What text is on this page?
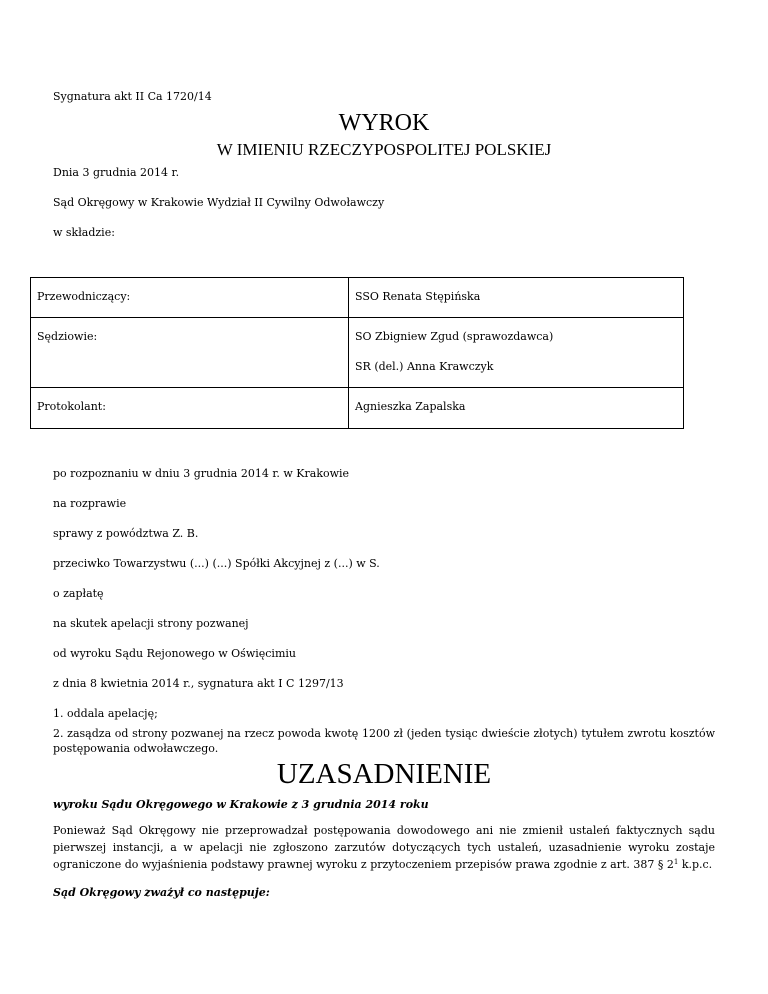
Sygnatura akt II Ca 1720/14
WYROK
W IMIENIU RZECZYPOSPOLITEJ POLSKIEJ
Dnia 3 grudnia 2014 r.
Sąd Okręgowy w Krakowie Wydział II Cywilny Odwoławczy
w składzie:
Przewodniczący:	SSO Renata Stępińska

Sędziowie:	SO Zbigniew Zgud (sprawozdawca)
SR (del.) Anna Krawczyk

Protokolant:	Agnieszka Zapalska
po rozpoznaniu w dniu 3 grudnia 2014 r. w Krakowie
na rozprawie
sprawy z powództwa Z. B.
przeciwko Towarzystwu (...) (...) Spółki Akcyjnej z (...) w S.
o zapłatę
na skutek apelacji strony pozwanej
od wyroku Sądu Rejonowego w Oświęcimiu
z dnia 8 kwietnia 2014 r., sygnatura akt I C 1297/13
1. oddala apelację;
2. zasądza od strony pozwanej na rzecz powoda kwotę 1200 zł (jeden tysiąc dwieście złotych) tytułem zwrotu kosztów postępowania odwoławczego.
UZASADNIENIE
wyroku Sądu Okręgowego w Krakowie z 3 grudnia 2014 roku
Ponieważ Sąd Okręgowy nie przeprowadzał postępowania dowodowego ani nie zmienił ustaleń faktycznych sądu pierwszej instancji, a w apelacji nie zgłoszono zarzutów dotyczących tych ustaleń, uzasadnienie wyroku zostaje ograniczone do wyjaśnienia podstawy prawnej wyroku z przytoczeniem przepisów prawa zgodnie z art. 387 § $2^1$ k.p.c.
Sąd Okręgowy zważył co następuje:
